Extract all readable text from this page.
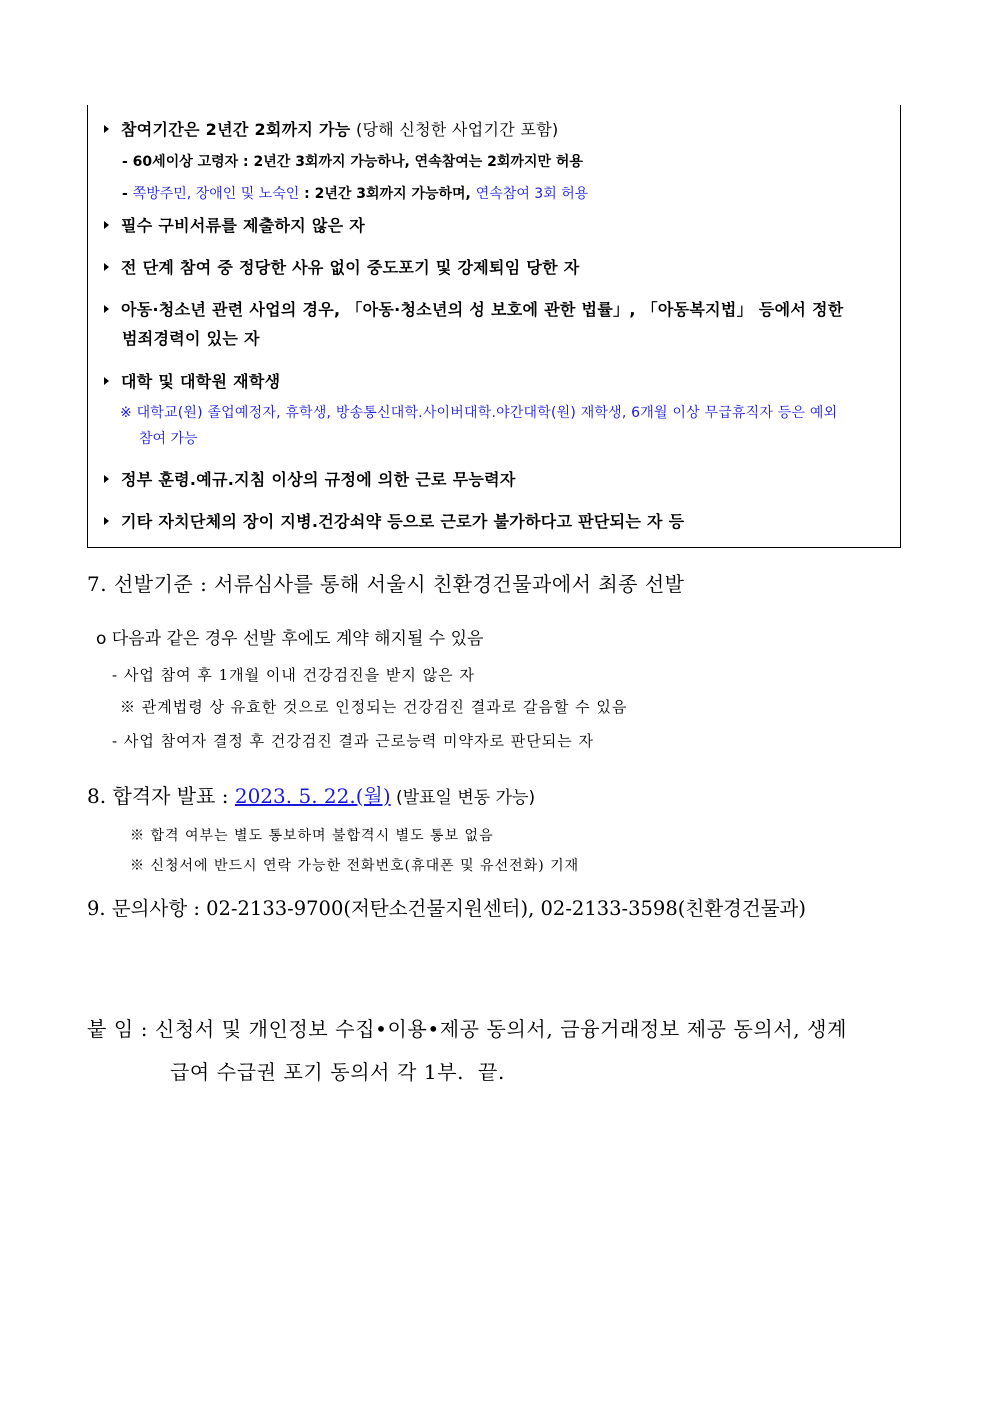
참여기간은 2년간 2회까지 가능 (당해 신청한 사업기간 포함)
- 60세이상 고령자 : 2년간 3회까지 가능하나, 연속참여는 2회까지만 허용
- 쪽방주민, 장애인 및 노숙인 : 2년간 3회까지 가능하며, 연속참여 3회 허용
필수 구비서류를 제출하지 않은 자
전 단계 참여 중 정당한 사유 없이 중도포기 및 강제퇴임 당한 자
아동·청소년 관련 사업의 경우, 「아동·청소년의 성 보호에 관한 법률」, 「아동복지법」 등에서 정한
범죄경력이 있는 자
대학 및 대학원 재학생
※ 대학교(원) 졸업예정자, 휴학생, 방송통신대학.사이버대학.야간대학(원) 재학생, 6개월 이상 무급휴직자 등은 예외
참여 가능
정부 훈령.예규.지침 이상의 규정에 의한 근로 무능력자
기타 자치단체의 장이 지병.건강쇠약 등으로 근로가 불가하다고 판단되는 자 등
7. 선발기준 : 서류심사를 통해 서울시 친환경건물과에서 최종 선발
o 다음과 같은 경우 선발 후에도 계약 해지될 수 있음
- 사업 참여 후 1개월 이내 건강검진을 받지 않은 자
※ 관계법령 상 유효한 것으로 인정되는 건강검진 결과로 갈음할 수 있음
- 사업 참여자 결정 후 건강검진 결과 근로능력 미약자로 판단되는 자
8. 합격자 발표 : 2023. 5. 22.(월) (발표일 변동 가능)
※ 합격 여부는 별도 통보하며 불합격시 별도 통보 없음
※ 신청서에 반드시 연락 가능한 전화번호(휴대폰 및 유선전화) 기재
9. 문의사항 : 02-2133-9700(저탄소건물지원센터), 02-2133-3598(친환경건물과)
붙 임 : 신청서 및 개인정보 수집•이용•제공 동의서, 금융거래정보 제공 동의서, 생계
급여 수급권 포기 동의서 각 1부.  끝.
